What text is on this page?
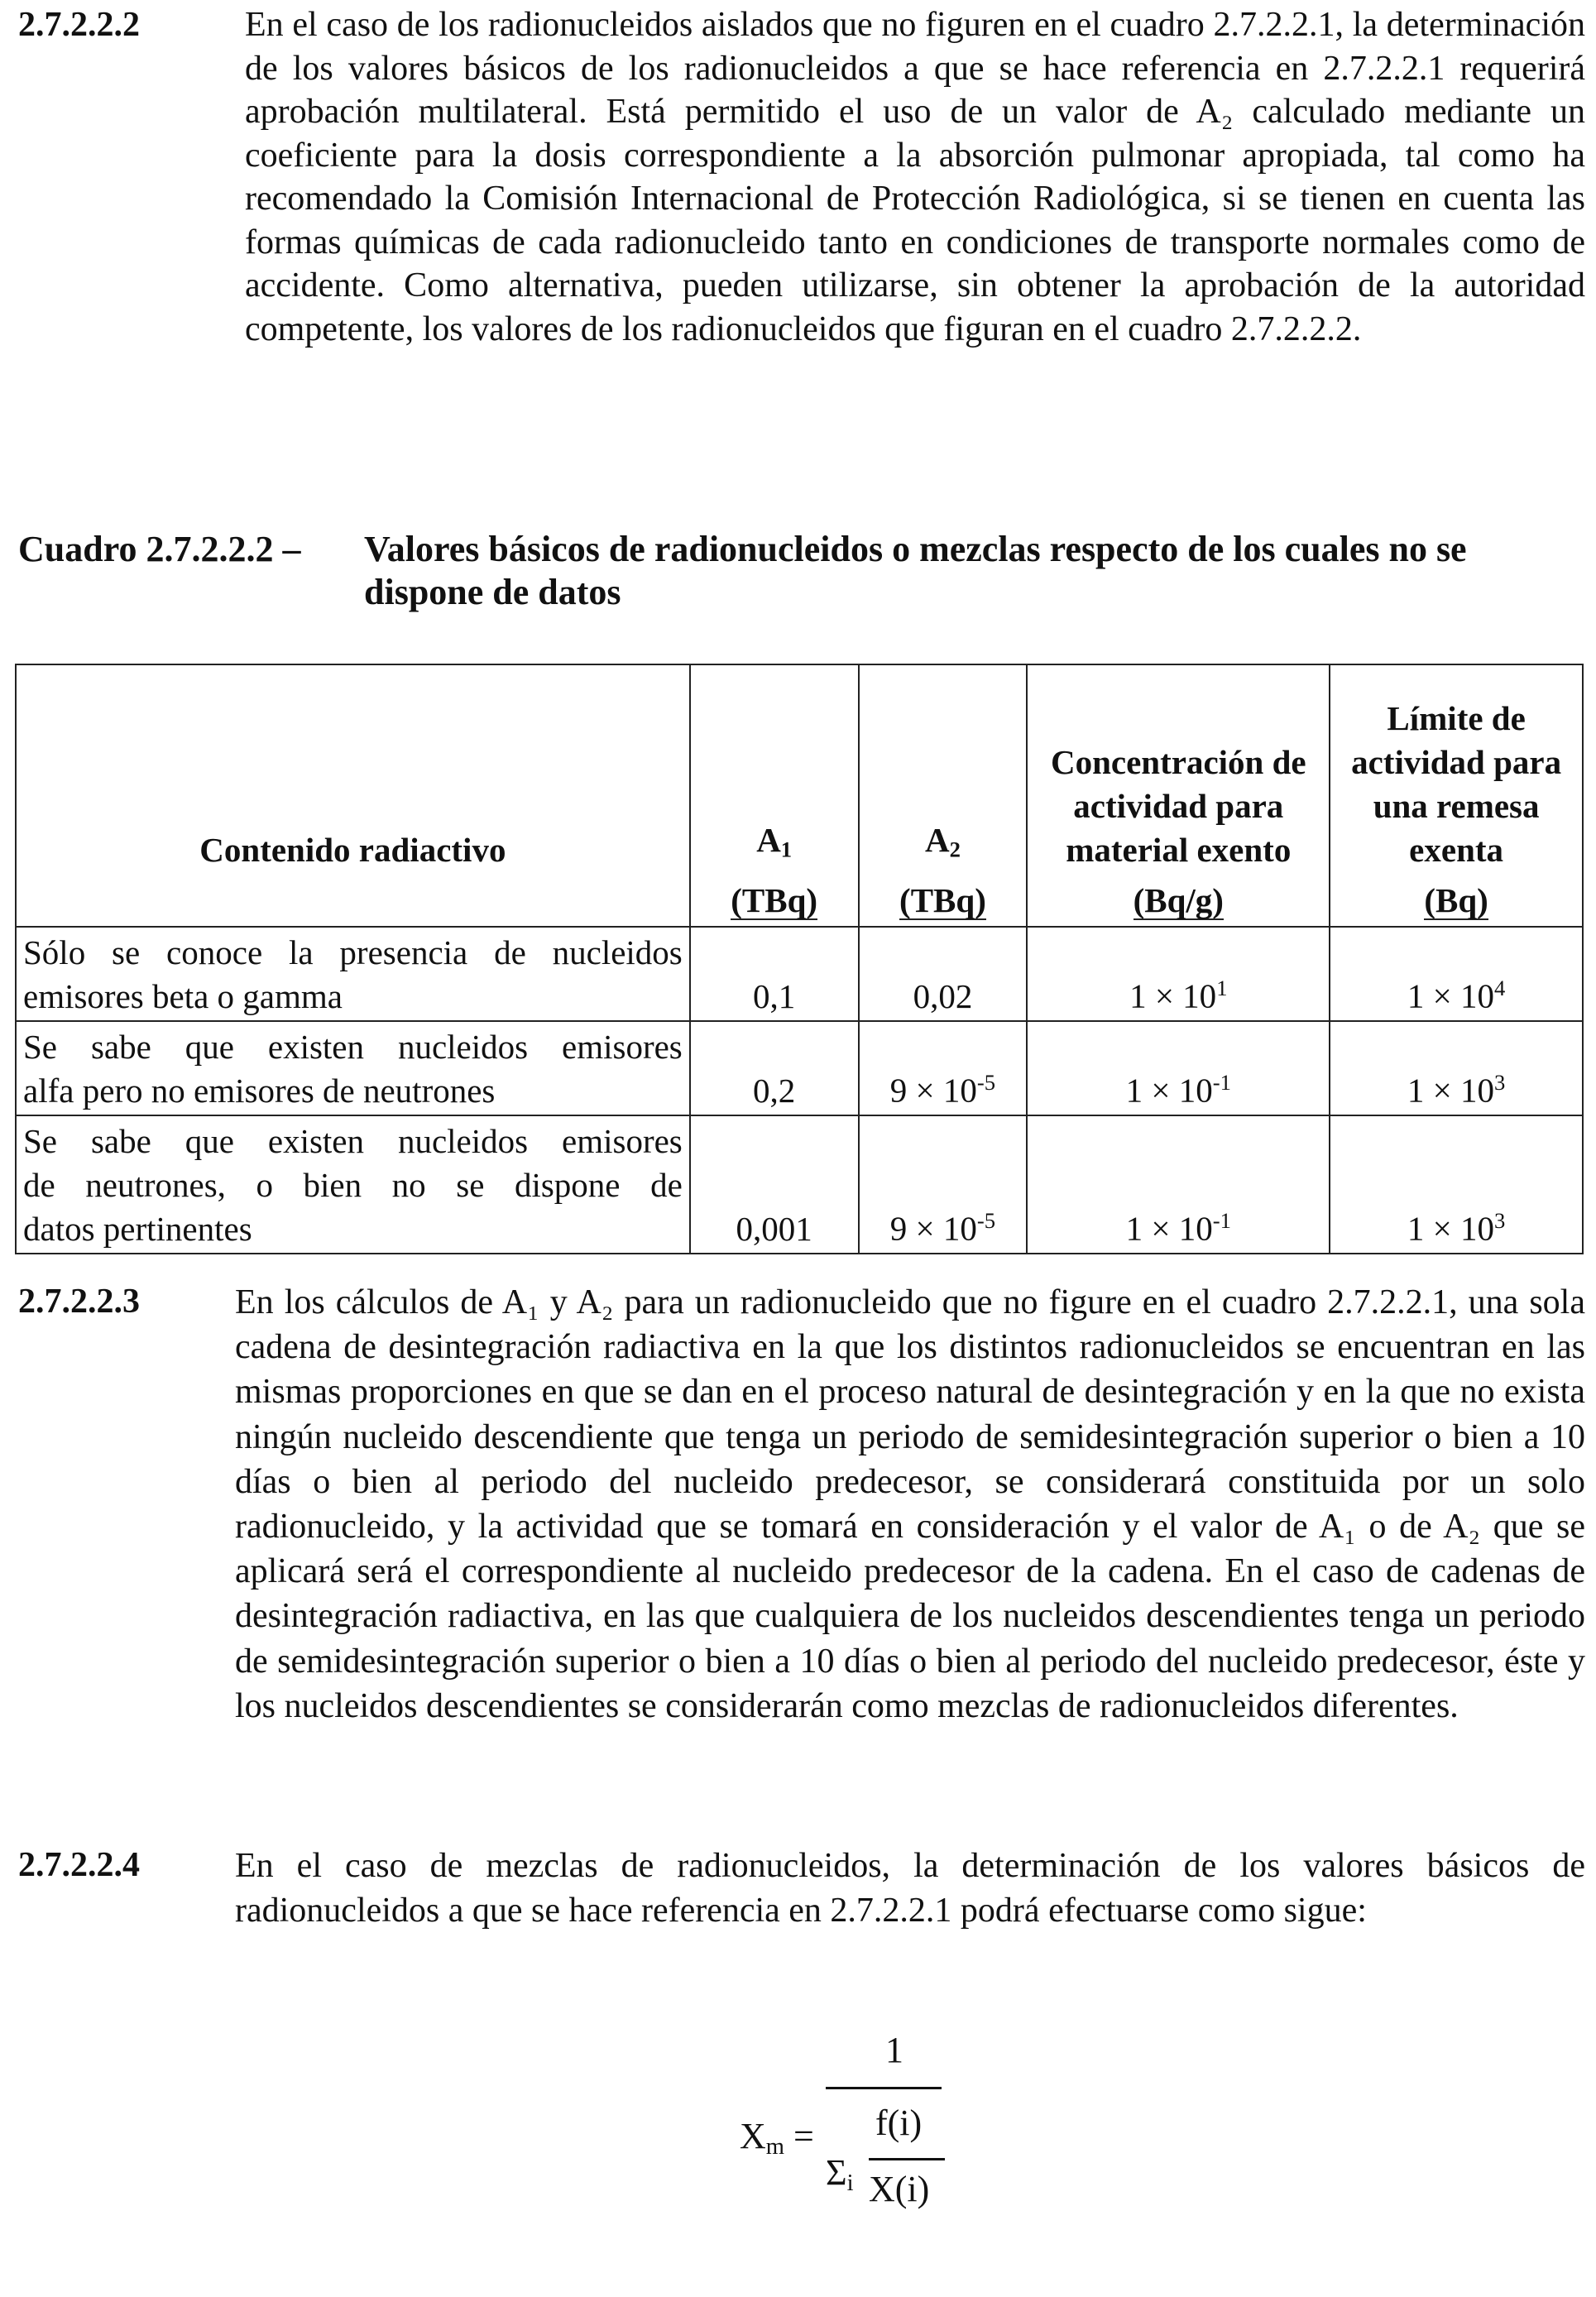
2.7.2.2.2	En el caso de los radionucleidos aislados que no figuren en el cuadro 2.7.2.2.1, la determinación de los valores básicos de los radionucleidos a que se hace referencia en 2.7.2.2.1 requerirá aprobación multilateral. Está permitido el uso de un valor de A₂ calculado mediante un coeficiente para la dosis correspondiente a la absorción pulmonar apropiada, tal como ha recomendado la Comisión Internacional de Protección Radiológica, si se tienen en cuenta las formas químicas de cada radionucleido tanto en condiciones de transporte normales como de accidente. Como alternativa, pueden utilizarse, sin obtener la aprobación de la autoridad competente, los valores de los radionucleidos que figuran en el cuadro 2.7.2.2.2.
Cuadro 2.7.2.2.2 – Valores básicos de radionucleidos o mezclas respecto de los cuales no se dispone de datos
Contenido radiactivo	$A_1$	$A_2$	Concentración de actividad para material exento	Límite de actividad para una remesa exenta
	(TBq)	(TBq)	(Bq/g)	(Bq)

Sólo se conoce la presencia de nucleidos
emisores beta o gamma	0,1	0,02	$1 \times 10^1$	$1 \times 10^4$

Se sabe que existen nucleidos emisores
alfa pero no emisores de neutrones	0,2	$9 \times 10^{-5}$	$1 \times 10^{-1}$	$1 \times 10^3$

Se sabe que existen nucleidos emisores
de neutrones, o bien no se dispone de
datos pertinentes	0,001	$9 \times 10^{-5}$	$1 \times 10^{-1}$	$1 \times 10^3$
2.7.2.2.3	En los cálculos de A₁ y A₂ para un radionucleido que no figure en el cuadro 2.7.2.2.1, una sola cadena de desintegración radiactiva en la que los distintos radionucleidos se encuentran en las mismas proporciones en que se dan en el proceso natural de desintegración y en la que no exista ningún nucleido descendiente que tenga un periodo de semidesintegración superior o bien a 10 días o bien al periodo del nucleido predecesor, se considerará constituida por un solo radionucleido, y la actividad que se tomará en consideración y el valor de A₁ o de A₂ que se aplicará será el correspondiente al nucleido predecesor de la cadena. En el caso de cadenas de desintegración radiactiva, en las que cualquiera de los nucleidos descendientes tenga un periodo de semidesintegración superior o bien a 10 días o bien al periodo del nucleido predecesor, éste y los nucleidos descendientes se considerarán como mezclas de radionucleidos diferentes.
2.7.2.2.4	En el caso de mezclas de radionucleidos, la determinación de los valores básicos de radionucleidos a que se hace referencia en 2.7.2.2.1 podrá efectuarse como sigue:
$X_m$ =
1
$\Sigma_i$
f(i)
X(i)
